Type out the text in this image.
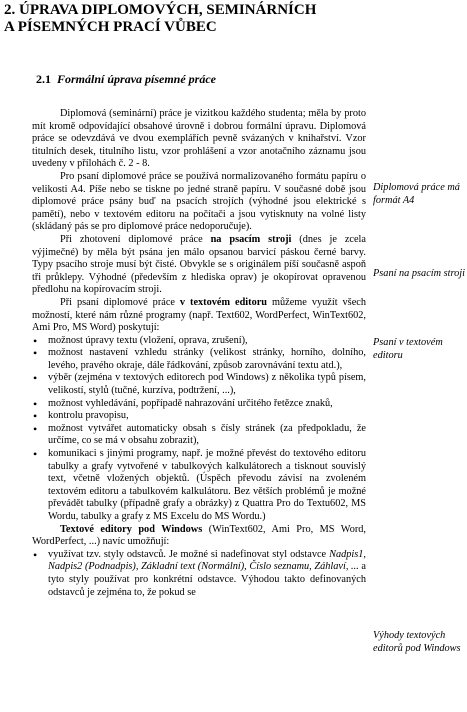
2. ÚPRAVA DIPLOMOVÝCH, SEMINÁRNÍCH
A PÍSEMNÝCH PRACÍ VŮBEC
2.1 Formální úprava písemné práce

Diplomová (seminární) práce je vizitkou každého studenta; měla by proto mít kromě odpovídající obsahové úrovně i dobrou formální úpravu. Diplomová práce se odevzdává ve dvou exemplářích pevně svázaných v knihařství. Vzor titulních desek, titulního listu, vzor prohlášení a vzor anotačního záznamu jsou uvedeny v přílohách č. 2 - 8.

Pro psaní diplomové práce se používá normalizovaného formátu papíru o velikosti A4. Píše nebo se tiskne po jedné straně papíru. V současné době jsou diplomové práce psány buď na psacích strojích (výhodné jsou elektrické s pamětí), nebo v textovém editoru na počítači a jsou vytisknuty na volné listy (skládaný pás se pro diplomové práce nedoporučuje).

Při zhotovení diplomové práce na psacím stroji (dnes je zcela výjimečné) by měla být psána jen málo opsanou barvicí páskou černé barvy. Typy psacího stroje musí být čisté. Obvykle se s originálem píší současně aspoň tři průklepy. Výhodné (především z hlediska oprav) je okopírovat opravenou předlohu na kopírovacím stroji.

Při psaní diplomové práce v textovém editoru můžeme využít všech možností, které nám různé programy (např. Text602, WordPerfect, WinText602, Ami Pro, MS Word) poskytují:

• možnost úpravy textu (vložení, oprava, zrušení),
• možnost nastavení vzhledu stránky (velikost stránky, horního, dolního, levého, pravého okraje, dále řádkování, způsob zarovnávání textu atd.),
• výběr (zejména v textových editorech pod Windows) z několika typů písem, velikostí, stylů (tučné, kurzíva, podtržení, ...),
• možnost vyhledávání, popřípadě nahrazování určitého řetězce znaků,
• kontrolu pravopisu,
• možnost vytvářet automaticky obsah s čísly stránek (za předpokladu, že určíme, co se má v obsahu zobrazit),
• komunikaci s jinými programy, např. je možné převést do textového editoru tabulky a grafy vytvořené v tabulkových kalkulátorech a tisknout souvislý text, včetně vložených objektů. (Úspěch převodu závisí na zvoleném textovém editoru a tabulkovém kalkulátoru. Bez větších problémů je možné převádět tabulky (případně grafy a obrázky) z Quattra Pro do Textu602, MS Wordu, tabulky a grafy z MS Excelu do MS Wordu.)

Textové editory pod Windows (WinText602, Ami Pro, MS Word, WordPerfect, ...) navíc umožňují:

• využívat tzv. styly odstavců. Je možné si nadefinovat styl odstavce Nadpis1, Nadpis2 (Podnadpis), Základní text (Normální), Číslo seznamu, Záhlaví, ... a tyto styly používat pro konkrétní odstavce. Výhodou takto definovaných odstavců je zejména to, že pokud se

Diplomová práce má formát A4

Psaní na psacím stroji

Psaní v textovém editoru

Výhody textových editorů pod Windows
